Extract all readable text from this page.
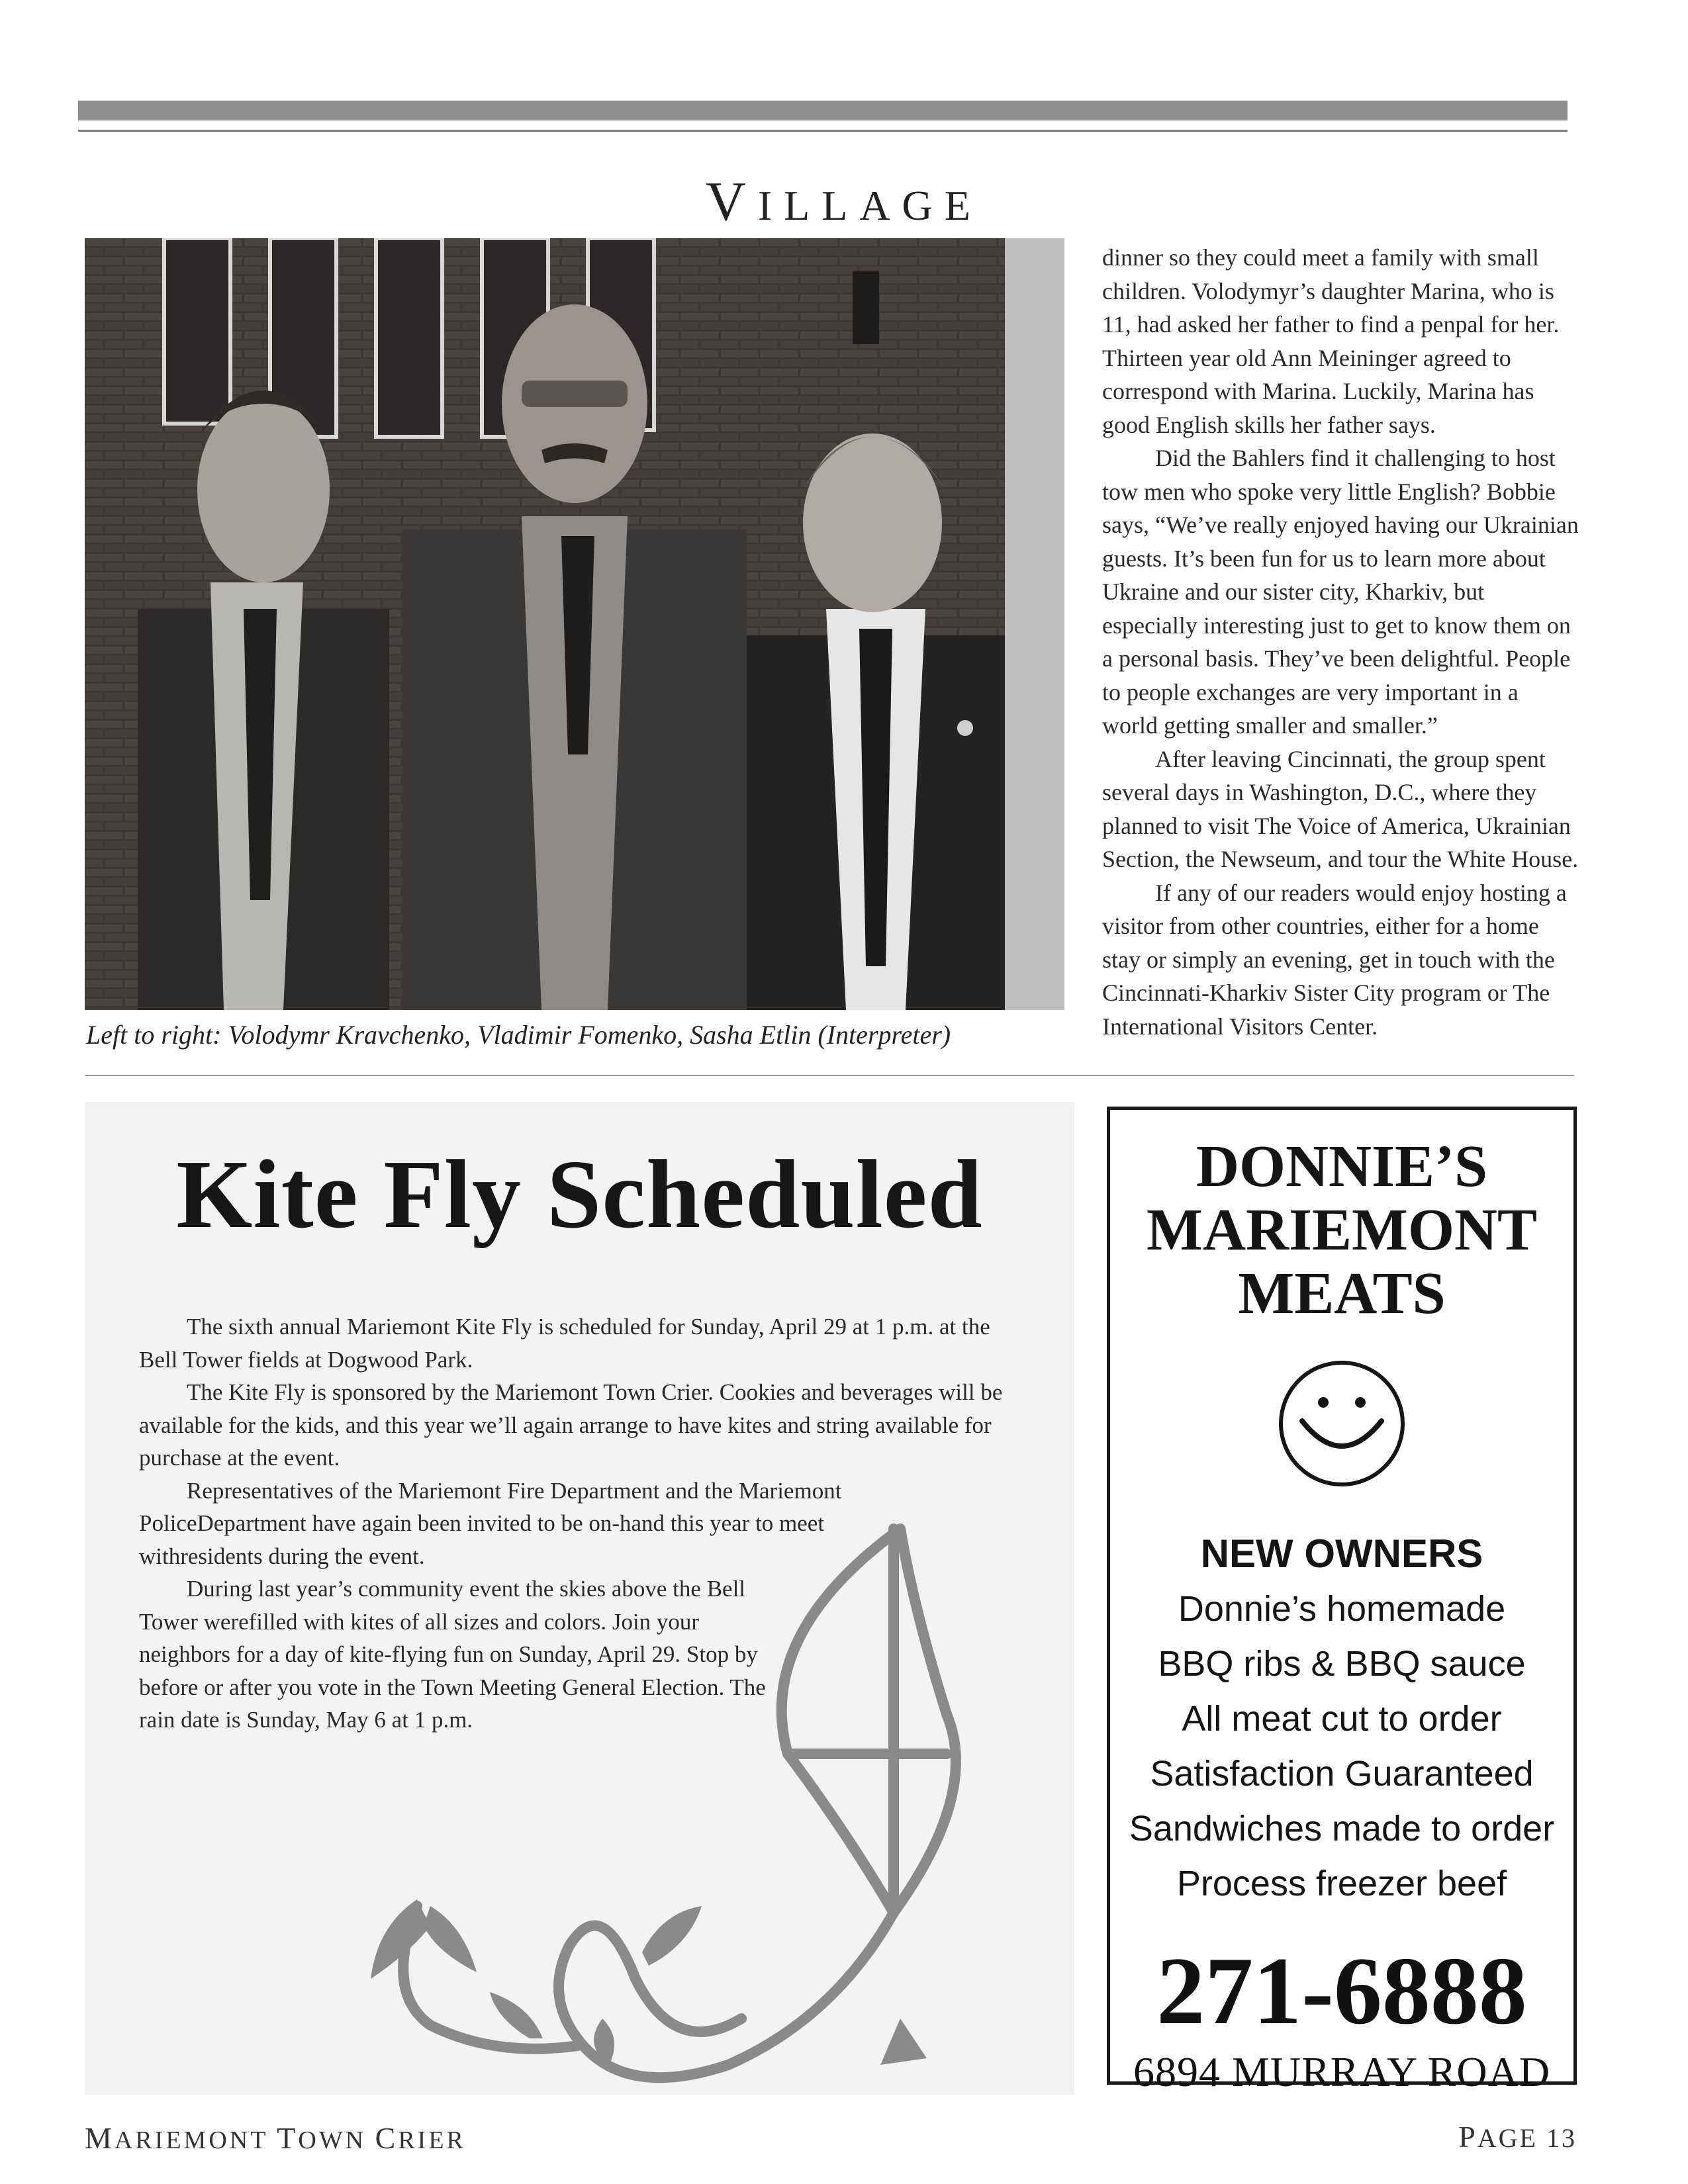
VILLAGE
Left to right: Volodymr Kravchenko, Vladimir Fomenko, Sasha Etlin (Interpreter)

dinner so they could meet a family with small children. Volodymyr’s daughter Marina, who is 11, had asked her father to find a penpal for her. Thirteen year old Ann Meininger agreed to correspond with Marina. Luckily, Marina has good English skills her father says.

Did the Bahlers find it challenging to host tow men who spoke very little English? Bobbie says, “We’ve really enjoyed having our Ukrainian guests. It’s been fun for us to learn more about Ukraine and our sister city, Kharkiv, but especially interesting just to get to know them on a personal basis. They’ve been delightful. People to people exchanges are very important in a world getting smaller and smaller.”

After leaving Cincinnati, the group spent several days in Washington, D.C., where they planned to visit The Voice of America, Ukrainian Section, the Newseum, and tour the White House.

If any of our readers would enjoy hosting a visitor from other countries, either for a home stay or simply an evening, get in touch with the Cincinnati-Kharkiv Sister City program or The International Visitors Center.

Kite Fly Scheduled

The sixth annual Mariemont Kite Fly is scheduled for Sunday, April 29 at 1 p.m. at the Bell Tower fields at Dogwood Park.

The Kite Fly is sponsored by the Mariemont Town Crier. Cookies and beverages will be available for the kids, and this year we’ll again arrange to have kites and string available for purchase at the event.

Representatives of the Mariemont Fire Department and the Mariemont PoliceDepartment have again been invited to be on-hand this year to meet withresidents during the event.

During last year’s community event the skies above the Bell Tower werefilled with kites of all sizes and colors. Join your neighbors for a day of kite-flying fun on Sunday, April 29. Stop by before or after you vote in the Town Meeting General Election. The rain date is Sunday, May 6 at 1 p.m.

DONNIE’S
MARIEMONT
MEATS
NEW OWNERS
Donnie’s homemade
BBQ ribs & BBQ sauce
All meat cut to order
Satisfaction Guaranteed
Sandwiches made to order
Process freezer beef
271-6888
6894 MURRAY ROAD
MARIEMONT TOWN CRIER	PAGE 13
